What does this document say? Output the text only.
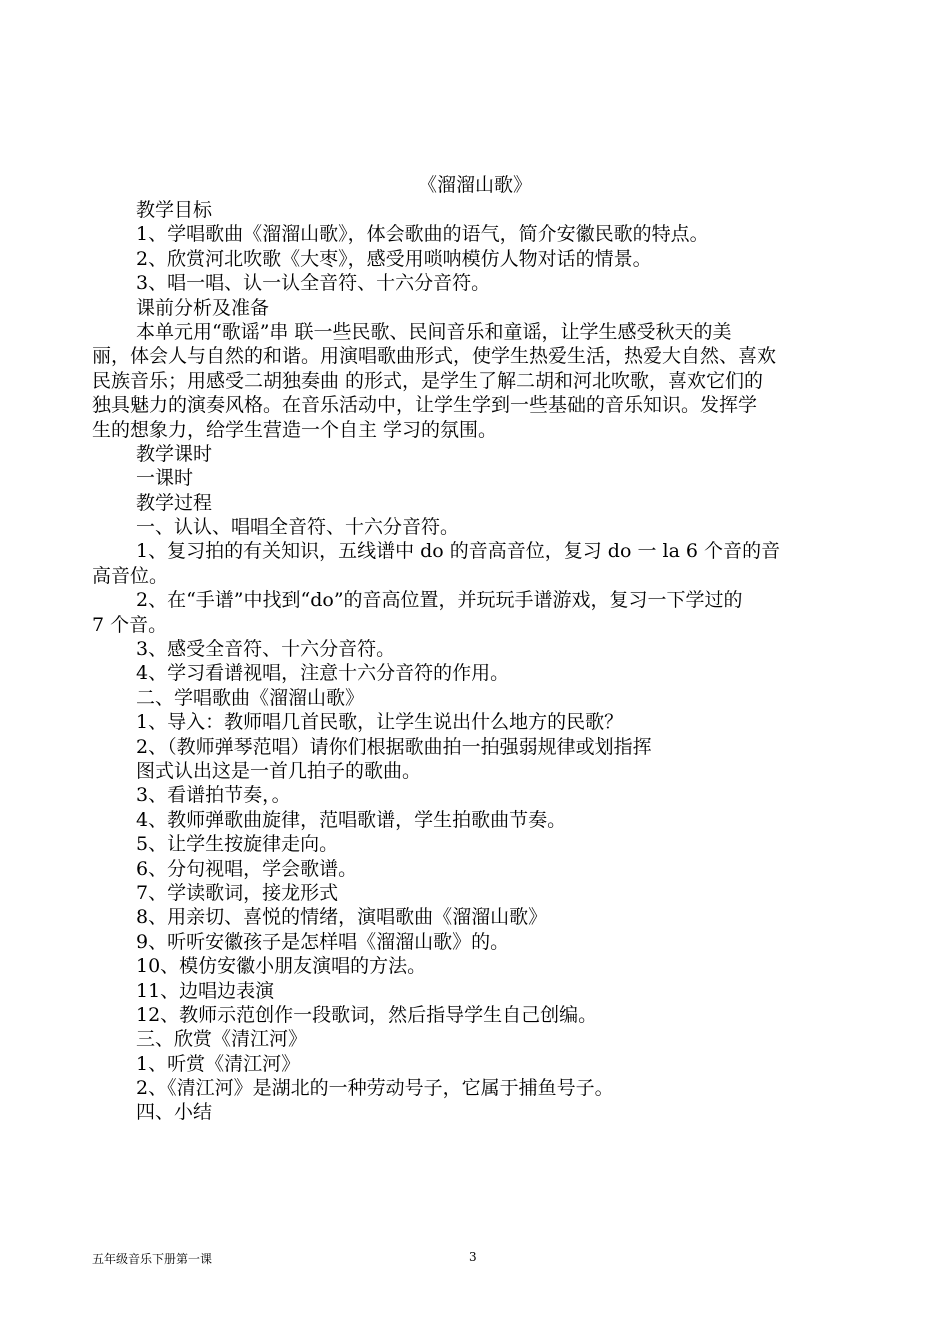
《溜溜山歌》
教学目标
1、学唱歌曲《溜溜山歌》，体会歌曲的语气，简介安徽民歌的特点。
2、欣赏河北吹歌《大枣》，感受用唢呐模仿人物对话的情景。
3、唱一唱、认一认全音符、十六分音符。
课前分析及准备
本单元用“歌谣”串 联一些民歌、民间音乐和童谣，让学生感受秋天的美
丽，体会人与自然的和谐。用演唱歌曲形式，使学生热爱生活，热爱大自然、喜欢
民族音乐；用感受二胡独奏曲 的形式，是学生了解二胡和河北吹歌，喜欢它们的
独具魅力的演奏风格。在音乐活动中，让学生学到一些基础的音乐知识。发挥学
生的想象力，给学生营造一个自主 学习的氛围。
教学课时
一课时
教学过程
一、认认、唱唱全音符、十六分音符。
1、复习拍的有关知识，五线谱中 do 的音高音位，复习 do 一 la 6 个音的音
高音位。
2、在“手谱”中找到“do”的音高位置，并玩玩手谱游戏，复习一下学过的
7 个音。
3、感受全音符、十六分音符。
4、学习看谱视唱，注意十六分音符的作用。
二、学唱歌曲《溜溜山歌》
1、导入：教师唱几首民歌，让学生说出什么地方的民歌？
2、（教师弹琴范唱）请你们根据歌曲拍一拍强弱规律或划指挥
图式认出这是一首几拍子的歌曲。
3、看谱拍节奏，。
4、教师弹歌曲旋律，范唱歌谱，学生拍歌曲节奏。
5、让学生按旋律走向。
6、分句视唱，学会歌谱。
7、学读歌词，接龙形式
8、用亲切、喜悦的情绪，演唱歌曲《溜溜山歌》
9、听听安徽孩子是怎样唱《溜溜山歌》的。
10、模仿安徽小朋友演唱的方法。
11、边唱边表演
12、教师示范创作一段歌词，然后指导学生自己创编。
三、欣赏《清江河》
1、听赏《清江河》
2、《清江河》是湖北的一种劳动号子，它属于捕鱼号子。
四、小结
五年级音乐下册第一课	3
